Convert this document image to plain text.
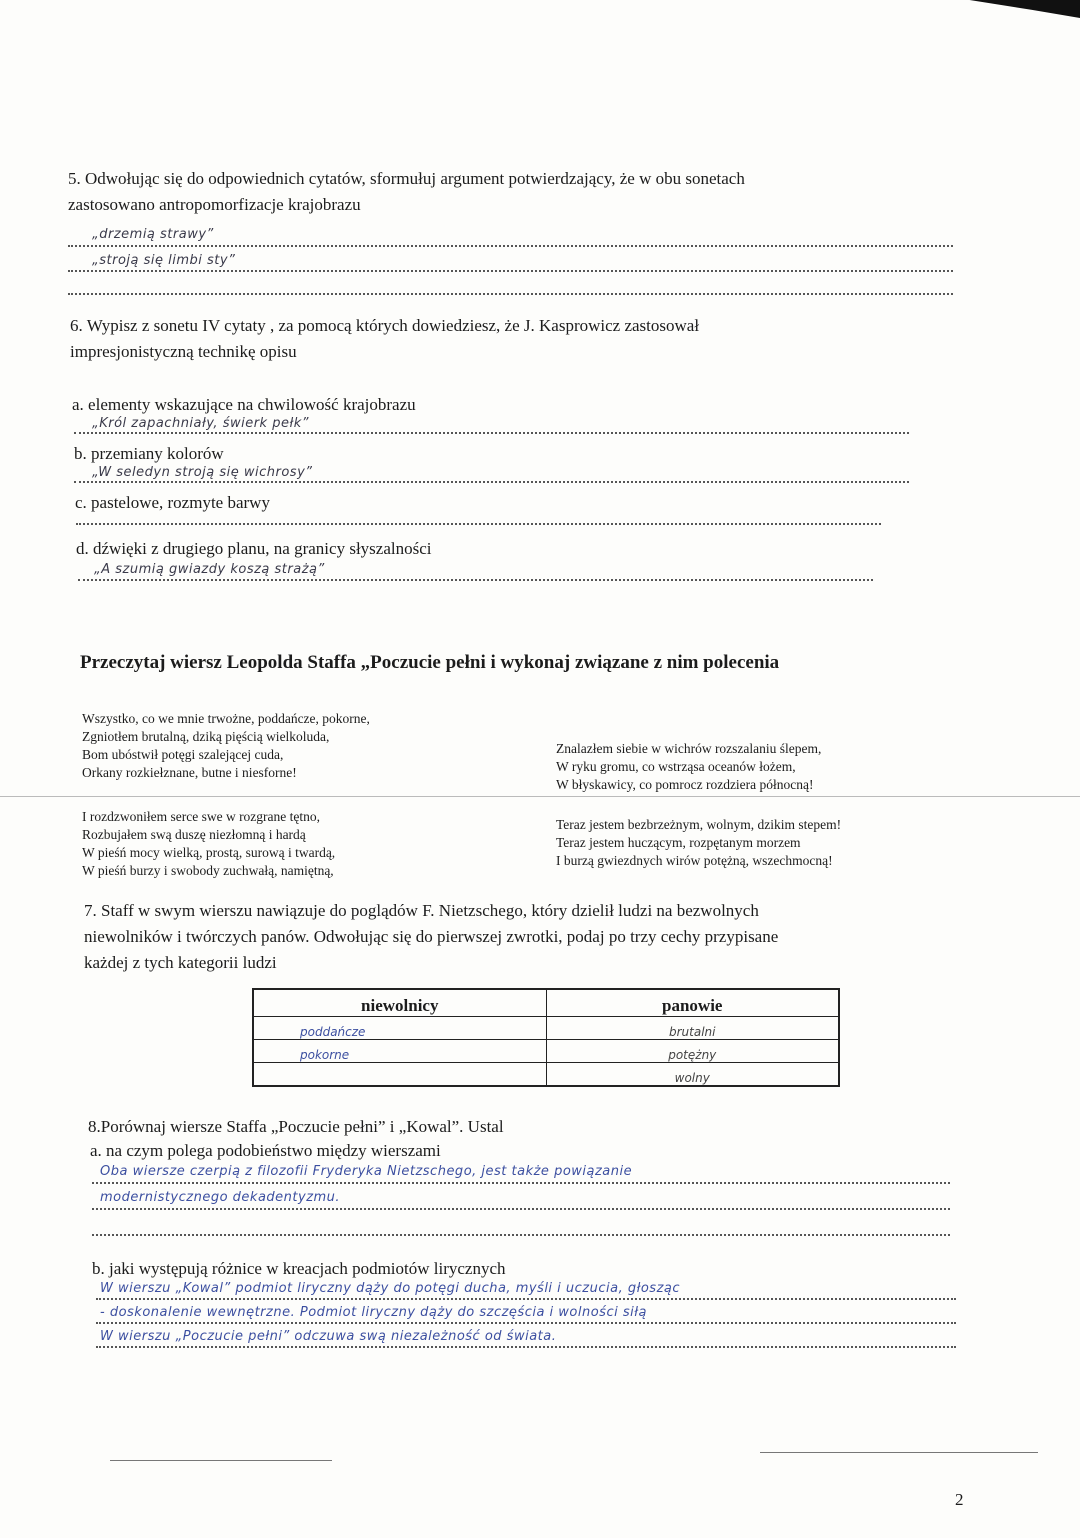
5. Odwołując się do odpowiednich cytatów, sformułuj argument potwierdzający, że w obu sonetach
zastosowano antropomorfizacje krajobrazu
„drzemią strawy”
„stroją się limbi sty”
6. Wypisz z sonetu IV cytaty , za pomocą których dowiedziesz, że J. Kasprowicz zastosował
impresjonistyczną technikę opisu
a. elementy wskazujące na chwilowość krajobrazu
„Król zapachniały, świerk pełk”
b. przemiany kolorów
„W seledyn stroją się wichrosy”
c. pastelowe, rozmyte barwy
d. dźwięki z drugiego planu, na granicy słyszalności
„A szumią gwiazdy koszą strażą”
Przeczytaj wiersz Leopolda Staffa „Poczucie pełni i wykonaj związane z nim polecenia
Wszystko, co we mnie trwożne, poddańcze, pokorne,
Zgniotłem brutalną, dziką pięścią wielkoluda,
Bom ubóstwił potęgi szalejącej cuda,
Orkany rozkiełznane, butne i niesforne!
I rozdzwoniłem serce swe w rozgrane tętno,
Rozbujałem swą duszę niezłomną i hardą
W pieśń mocy wielką, prostą, surową i twardą,
W pieśń burzy i swobody zuchwałą, namiętną,
Znalazłem siebie w wichrów rozszalaniu ślepem,
W ryku gromu, co wstrząsa oceanów łożem,
W błyskawicy, co pomrocz rozdziera północną!
Teraz jestem bezbrzeżnym, wolnym, dzikim stepem!
Teraz jestem huczącym, rozpętanym morzem
I burzą gwiezdnych wirów potężną, wszechmocną!
7. Staff w swym wierszu nawiązuje do poglądów F. Nietzschego, który dzielił ludzi na bezwolnych
niewolników i twórczych panów. Odwołując się do pierwszej zwrotki, podaj po trzy cechy przypisane
każdej z tych kategorii ludzi
niewolnicy	panowie
poddańcze	brutalni
pokorne	potężny
	wolny
8.Porównaj wiersze Staffa „Poczucie pełni” i „Kowal”. Ustal
a. na czym polega podobieństwo między wierszami
Oba wiersze czerpią z filozofii Fryderyka Nietzschego, jest także powiązanie
modernistycznego dekadentyzmu.
b. jaki występują różnice w kreacjach podmiotów lirycznych
W wierszu „Kowal” podmiot liryczny dąży do potęgi ducha, myśli i uczucia, głosząc
- doskonalenie wewnętrzne. Podmiot liryczny dąży do szczęścia i wolności siłą
W wierszu „Poczucie pełni” odczuwa swą niezależność od świata.
2
